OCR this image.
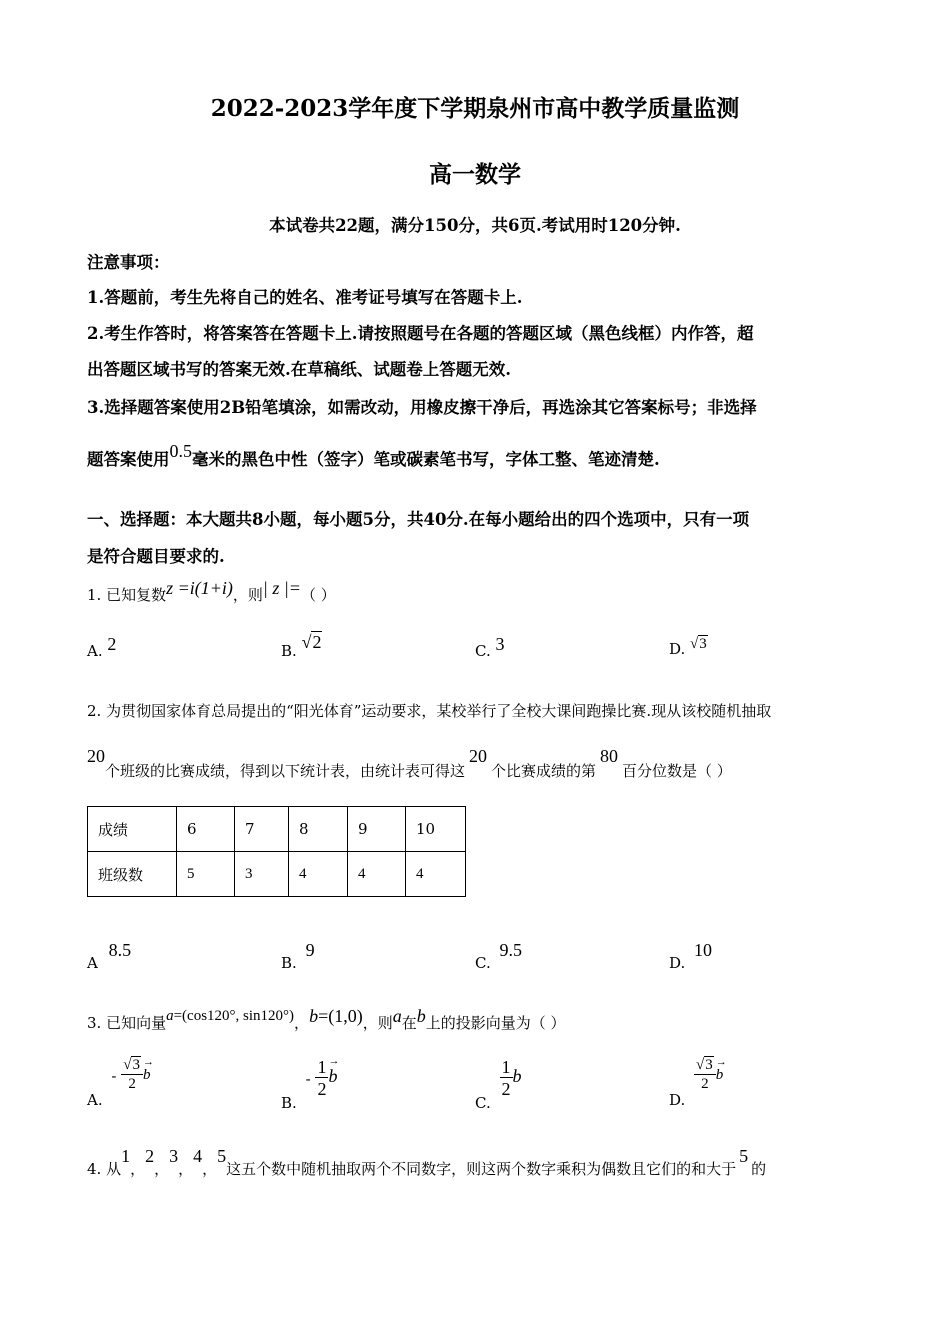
2022-2023学年度下学期泉州市高中教学质量监测
高一数学
本试卷共22题，满分150分，共6页.考试用时120分钟.
注意事项：
1.答题前，考生先将自己的姓名、准考证号填写在答题卡上.
2.考生作答时，将答案答在答题卡上.请按照题号在各题的答题区域（黑色线框）内作答，超
出答题区域书写的答案无效.在草稿纸、试题卷上答题无效.
3.选择题答案使用2B铅笔填涂，如需改动，用橡皮擦干净后，再选涂其它答案标号；非选择
题答案使用0.5毫米的黑色中性（签字）笔或碳素笔书写，字体工整、笔迹清楚.
一、选择题：本大题共8小题，每小题5分，共40分.在每小题给出的四个选项中，只有一项
是符合题目要求的.
1. 已知复数z =i(1+i)，则| z |=（ ）
A. 2	B. √2	C. 3	D. √3
2. 为贯彻国家体育总局提出的“阳光体育”运动要求，某校举行了全校大课间跑操比赛.现从该校随机抽取
20个班级的比赛成绩，得到以下统计表，由统计表可得这20个比赛成绩的第80百分位数是（ ）
成绩	6	7	8	9	10
班级数	5	3	4	4	4
A 8.5
B. 9
C. 9.5
D. 10
3. 已知向量a=(cos120°, sin120°)，b=(1,0)，则a在b上的投影向量为（ ）
A. - $\frac{√3}{2} \to b$
B. - $\frac{1}{2} \to b$
C.
$\frac{1}{2}$ b
D.
$\frac{√3}{2} \to b$
4. 从1，2，3，4，5这五个数中随机抽取两个不同数字，则这两个数字乘积为偶数且它们的和大于5的
